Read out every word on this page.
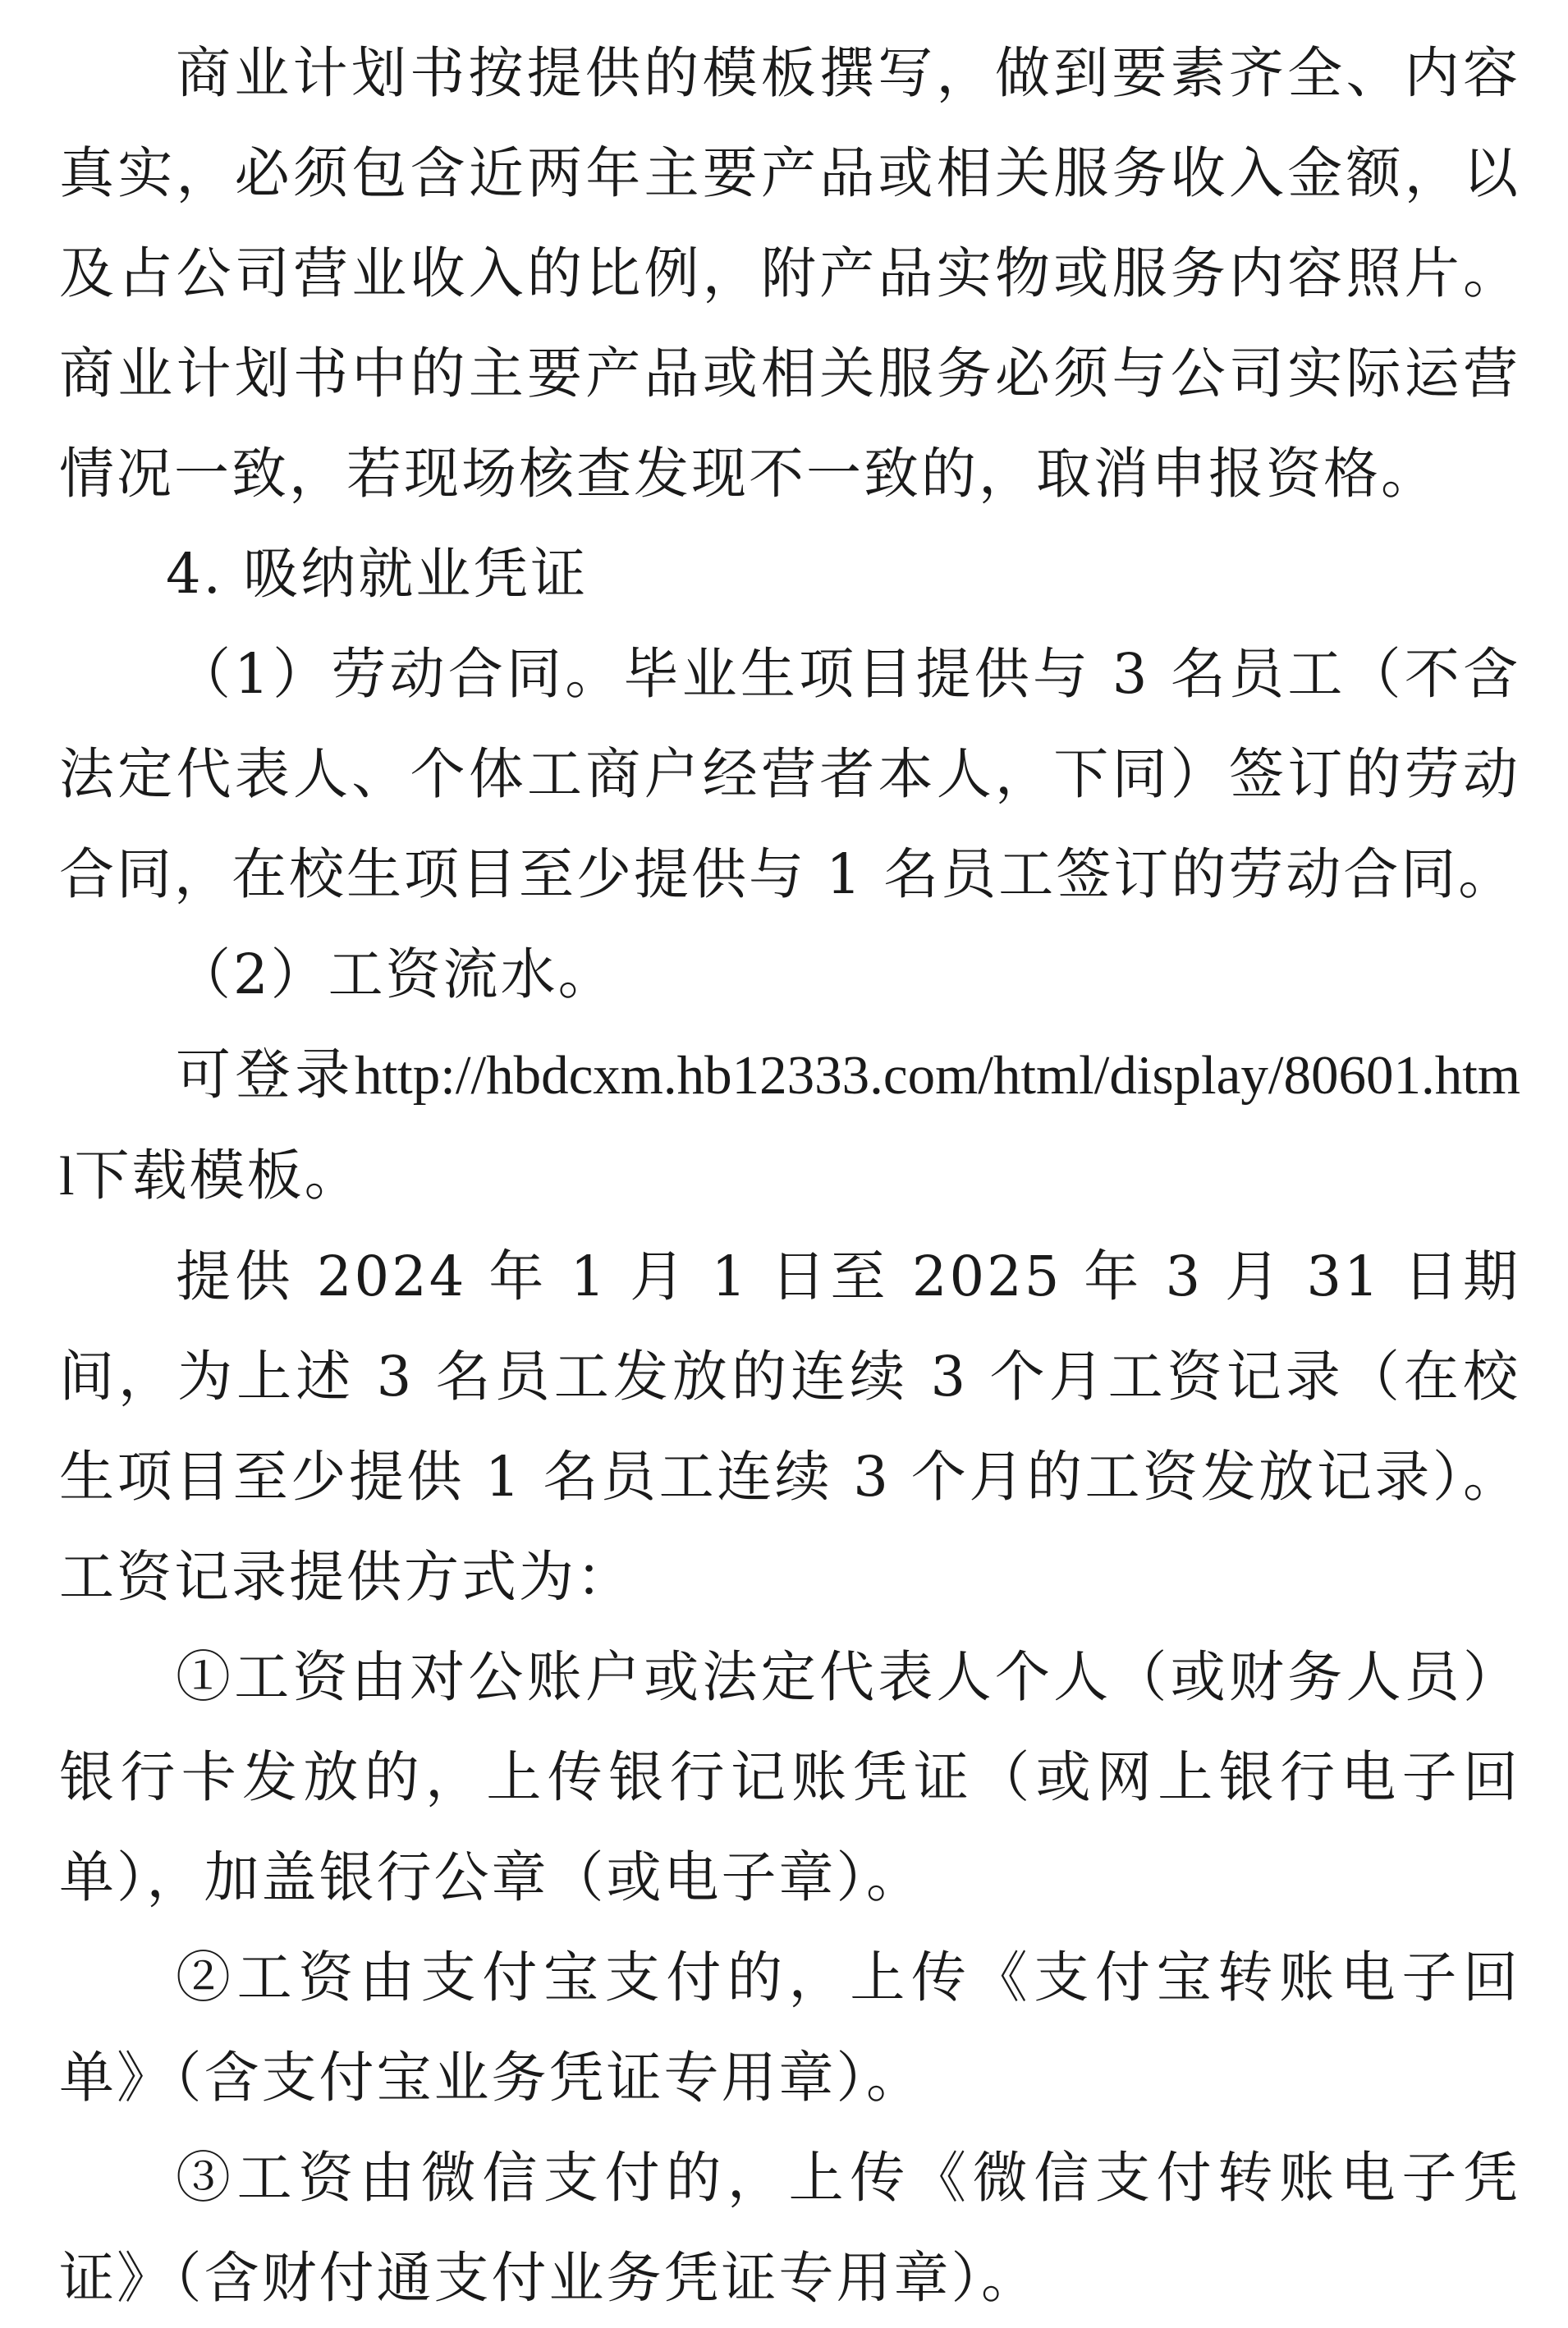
商业计划书按提供的模板撰写，做到要素齐全、内容真实，必须包含近两年主要产品或相关服务收入金额，以及占公司营业收入的比例，附产品实物或服务内容照片。商业计划书中的主要产品或相关服务必须与公司实际运营情况一致，若现场核查发现不一致的，取消申报资格。

4. 吸纳就业凭证

（1）劳动合同。毕业生项目提供与 3 名员工（不含法定代表人、个体工商户经营者本人，下同）签订的劳动合同，在校生项目至少提供与 1 名员工签订的劳动合同。

（2）工资流水。

可登录http://hbdcxm.hb12333.com/html/display/80601.html下载模板。

提供 2024 年 1 月 1 日至 2025 年 3 月 31 日期间，为上述 3 名员工发放的连续 3 个月工资记录（在校生项目至少提供 1 名员工连续 3 个月的工资发放记录）。工资记录提供方式为：

①工资由对公账户或法定代表人个人（或财务人员）银行卡发放的，上传银行记账凭证（或网上银行电子回单），加盖银行公章（或电子章）。

②工资由支付宝支付的，上传《支付宝转账电子回单》（含支付宝业务凭证专用章）。

③工资由微信支付的，上传《微信支付转账电子凭证》（含财付通支付业务凭证专用章）。
